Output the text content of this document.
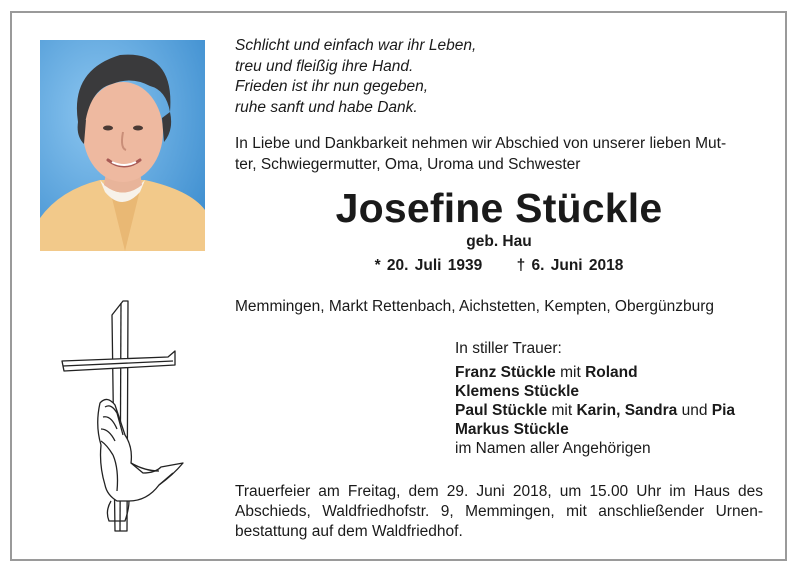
Schlicht und einfach war ihr Leben,
treu und fleißig ihre Hand.
Frieden ist ihr nun gegeben,
ruhe sanft und habe Dank.
In Liebe und Dankbarkeit nehmen wir Abschied von unserer lieben Mut-
ter, Schwiegermutter, Oma, Uroma und Schwester
Josefine Stückle
geb. Hau
* 20. Juli 1939 † 6. Juni 2018
Memmingen, Markt Rettenbach, Aichstetten, Kempten, Obergünzburg
In stiller Trauer:
Franz Stückle mit Roland
Klemens Stückle
Paul Stückle mit Karin, Sandra und Pia
Markus Stückle
im Namen aller Angehörigen
Trauerfeier am Freitag, dem 29. Juni 2018, um 15.00 Uhr im Haus des
Abschieds, Waldfriedhofstr. 9, Memmingen, mit anschließender Urnen-
bestattung auf dem Waldfriedhof.
